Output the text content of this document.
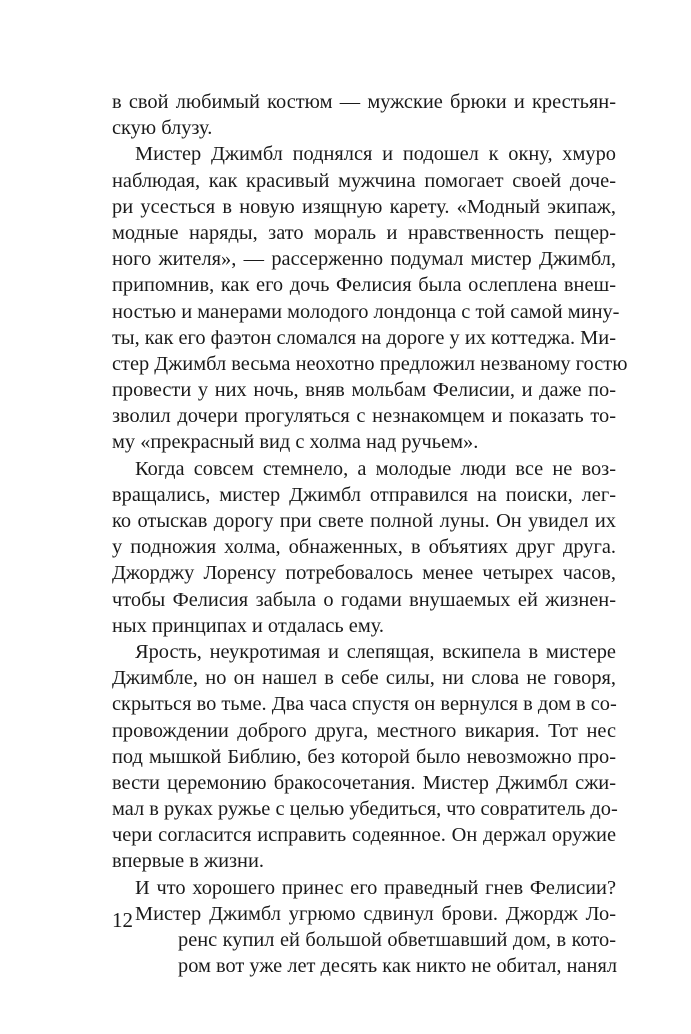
в свой любимый костюм — мужские брюки и крестьян-
скую блузу.
Мистер Джимбл поднялся и подошел к окну, хмуро
наблюдая, как красивый мужчина помогает своей доче-
ри усесться в новую изящную карету. «Модный экипаж,
модные наряды, зато мораль и нравственность пещер-
ного жителя», — рассерженно подумал мистер Джимбл,
припомнив, как его дочь Фелисия была ослеплена внеш-
ностью и манерами молодого лондонца с той самой мину-
ты, как его фаэтон сломался на дороге у их коттеджа. Ми-
стер Джимбл весьма неохотно предложил незваному гостю
провести у них ночь, вняв мольбам Фелисии, и даже по-
зволил дочери прогуляться с незнакомцем и показать то-
му «прекрасный вид с холма над ручьем».
Когда совсем стемнело, а молодые люди все не воз-
вращались, мистер Джимбл отправился на поиски, лег-
ко отыскав дорогу при свете полной луны. Он увидел их
у подножия холма, обнаженных, в объятиях друг друга.
Джорджу Лоренсу потребовалось менее четырех часов,
чтобы Фелисия забыла о годами внушаемых ей жизнен-
ных принципах и отдалась ему.
Ярость, неукротимая и слепящая, вскипела в мистере
Джимбле, но он нашел в себе силы, ни слова не говоря,
скрыться во тьме. Два часа спустя он вернулся в дом в со-
провождении доброго друга, местного викария. Тот нес
под мышкой Библию, без которой было невозможно про-
вести церемонию бракосочетания. Мистер Джимбл сжи-
мал в руках ружье с целью убедиться, что совратитель до-
чери согласится исправить содеянное. Он держал оружие
впервые в жизни.
И что хорошего принес его праведный гнев Фелисии?
Мистер Джимбл угрюмо сдвинул брови. Джордж Ло-
ренс купил ей большой обветшавший дом, в кото-
ром вот уже лет десять как никто не обитал, нанял
12
